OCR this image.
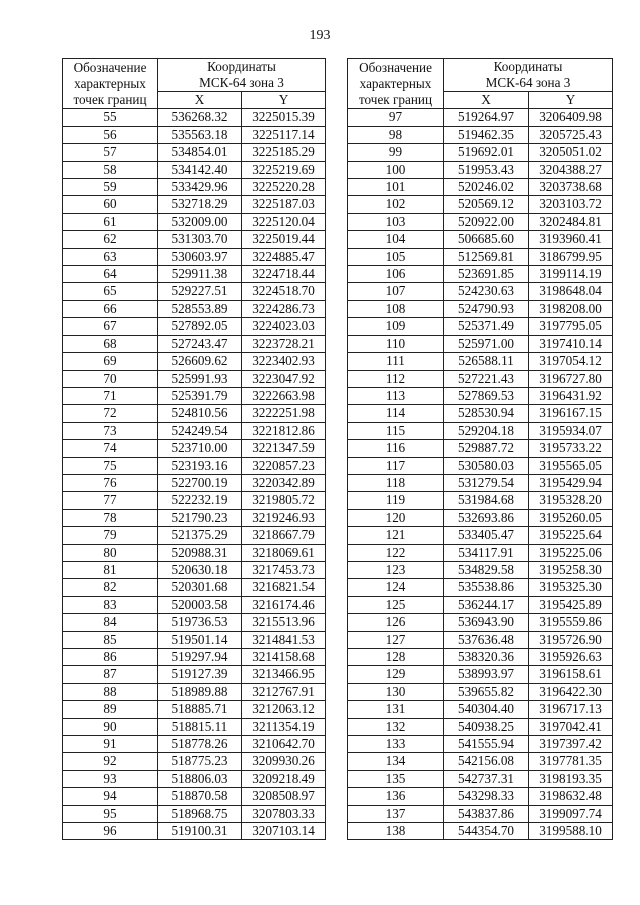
193
Обозначение
характерных
точек границ	Координаты
МСК-64 зона 3	
	X	Y
55	536268.32	3225015.39
56	535563.18	3225117.14
57	534854.01	3225185.29
58	534142.40	3225219.69
59	533429.96	3225220.28
60	532718.29	3225187.03
61	532009.00	3225120.04
62	531303.70	3225019.44
63	530603.97	3224885.47
64	529911.38	3224718.44
65	529227.51	3224518.70
66	528553.89	3224286.73
67	527892.05	3224023.03
68	527243.47	3223728.21
69	526609.62	3223402.93
70	525991.93	3223047.92
71	525391.79	3222663.98
72	524810.56	3222251.98
73	524249.54	3221812.86
74	523710.00	3221347.59
75	523193.16	3220857.23
76	522700.19	3220342.89
77	522232.19	3219805.72
78	521790.23	3219246.93
79	521375.29	3218667.79
80	520988.31	3218069.61
81	520630.18	3217453.73
82	520301.68	3216821.54
83	520003.58	3216174.46
84	519736.53	3215513.96
85	519501.14	3214841.53
86	519297.94	3214158.68
87	519127.39	3213466.95
88	518989.88	3212767.91
89	518885.71	3212063.12
90	518815.11	3211354.19
91	518778.26	3210642.70
92	518775.23	3209930.26
93	518806.03	3209218.49
94	518870.58	3208508.97
95	518968.75	3207803.33
96	519100.31	3207103.14
Обозначение
характерных
точек границ	Координаты
МСК-64 зона 3	
	X	Y
97	519264.97	3206409.98
98	519462.35	3205725.43
99	519692.01	3205051.02
100	519953.43	3204388.27
101	520246.02	3203738.68
102	520569.12	3203103.72
103	520922.00	3202484.81
104	506685.60	3193960.41
105	512569.81	3186799.95
106	523691.85	3199114.19
107	524230.63	3198648.04
108	524790.93	3198208.00
109	525371.49	3197795.05
110	525971.00	3197410.14
111	526588.11	3197054.12
112	527221.43	3196727.80
113	527869.53	3196431.92
114	528530.94	3196167.15
115	529204.18	3195934.07
116	529887.72	3195733.22
117	530580.03	3195565.05
118	531279.54	3195429.94
119	531984.68	3195328.20
120	532693.86	3195260.05
121	533405.47	3195225.64
122	534117.91	3195225.06
123	534829.58	3195258.30
124	535538.86	3195325.30
125	536244.17	3195425.89
126	536943.90	3195559.86
127	537636.48	3195726.90
128	538320.36	3195926.63
129	538993.97	3196158.61
130	539655.82	3196422.30
131	540304.40	3196717.13
132	540938.25	3197042.41
133	541555.94	3197397.42
134	542156.08	3197781.35
135	542737.31	3198193.35
136	543298.33	3198632.48
137	543837.86	3199097.74
138	544354.70	3199588.10
